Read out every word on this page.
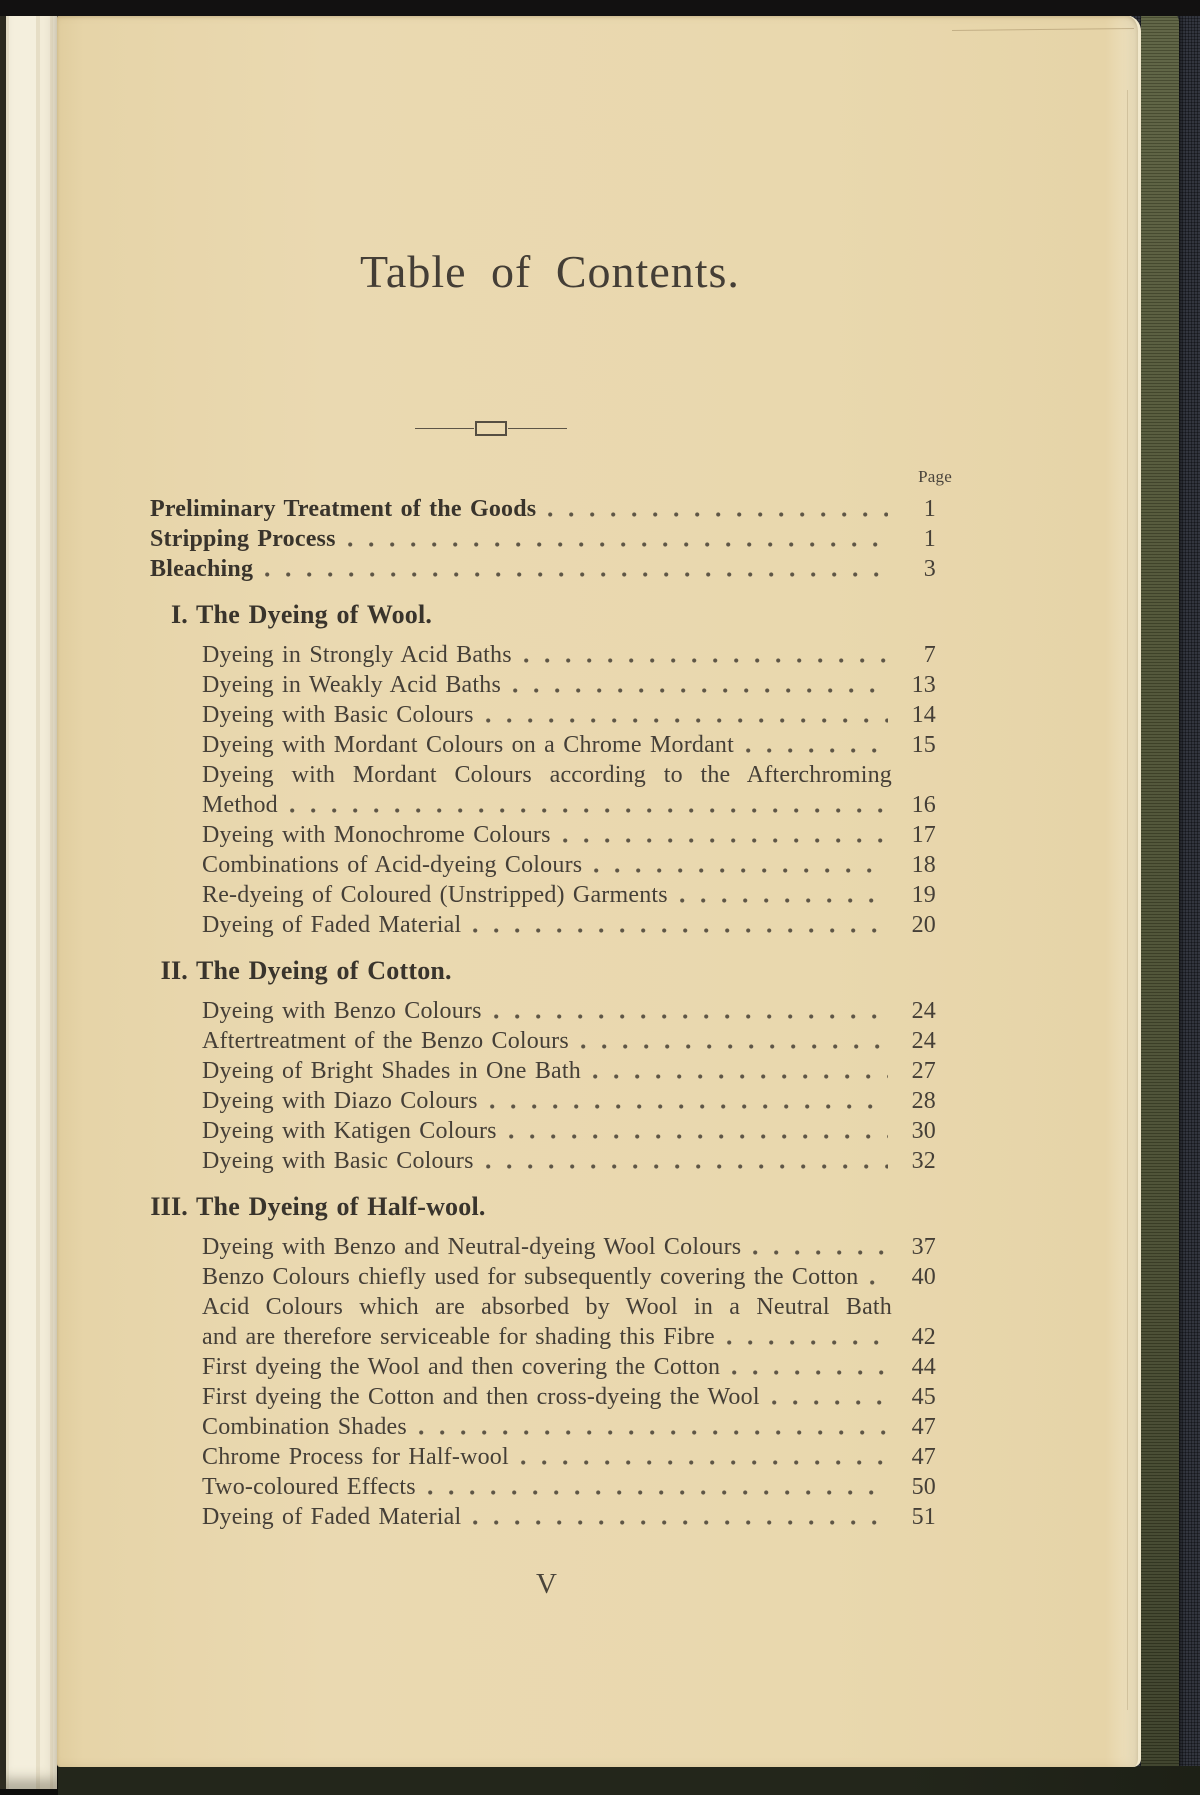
Table of Contents.
Page
Preliminary Treatment of the Goods	1
Stripping Process	1
Bleaching	3
I. The Dyeing of Wool.
Dyeing in Strongly Acid Baths	7
Dyeing in Weakly Acid Baths	13
Dyeing with Basic Colours	14
Dyeing with Mordant Colours on a Chrome Mordant	15
Dyeing with Mordant Colours according to the Afterchroming
Method	16
Dyeing with Monochrome Colours	17
Combinations of Acid-dyeing Colours	18
Re-dyeing of Coloured (Unstripped) Garments	19
Dyeing of Faded Material	20
II. The Dyeing of Cotton.
Dyeing with Benzo Colours	24
Aftertreatment of the Benzo Colours	24
Dyeing of Bright Shades in One Bath	27
Dyeing with Diazo Colours	28
Dyeing with Katigen Colours	30
Dyeing with Basic Colours	32
III. The Dyeing of Half-wool.
Dyeing with Benzo and Neutral-dyeing Wool Colours	37
Benzo Colours chiefly used for subsequently covering the Cotton	40
Acid Colours which are absorbed by Wool in a Neutral Bath
and are therefore serviceable for shading this Fibre	42
First dyeing the Wool and then covering the Cotton	44
First dyeing the Cotton and then cross-dyeing the Wool	45
Combination Shades	47
Chrome Process for Half-wool	47
Two-coloured Effects	50
Dyeing of Faded Material	51
V
